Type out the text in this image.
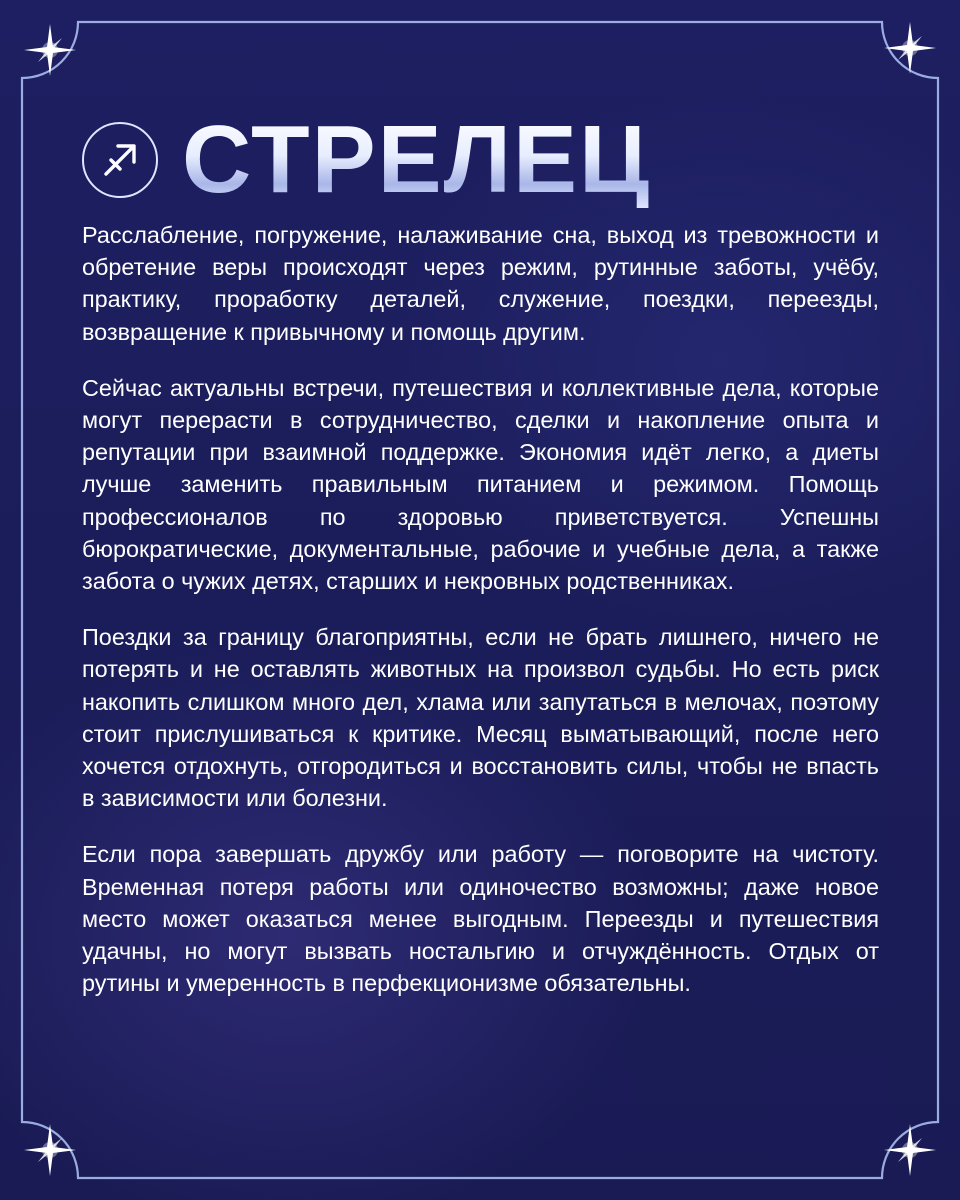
СТРЕЛЕЦ

Расслабление, погружение, налаживание сна, выход из тревожности и обретение веры происходят через режим, рутинные заботы, учёбу, практику, проработку деталей, служение, поездки, переезды, возвращение к привычному и помощь другим.

Сейчас актуальны встречи, путешествия и коллективные дела, которые могут перерасти в сотрудничество, сделки и накопление опыта и репутации при взаимной поддержке. Экономия идёт легко, а диеты лучше заменить правильным питанием и режимом. Помощь профессионалов по здоровью приветствуется. Успешны бюрократические, документальные, рабочие и учебные дела, а также забота о чужих детях, старших и некровных родственниках.

Поездки за границу благоприятны, если не брать лишнего, ничего не потерять и не оставлять животных на произвол судьбы. Но есть риск накопить слишком много дел, хлама или запутаться в мелочах, поэтому стоит прислушиваться к критике. Месяц выматывающий, после него хочется отдохнуть, отгородиться и восстановить силы, чтобы не впасть в зависимости или болезни.

Если пора завершать дружбу или работу — поговорите на чистоту. Временная потеря работы или одиночество возможны; даже новое место может оказаться менее выгодным. Переезды и путешествия удачны, но могут вызвать ностальгию и отчуждённость. Отдых от рутины и умеренность в перфекционизме обязательны.
